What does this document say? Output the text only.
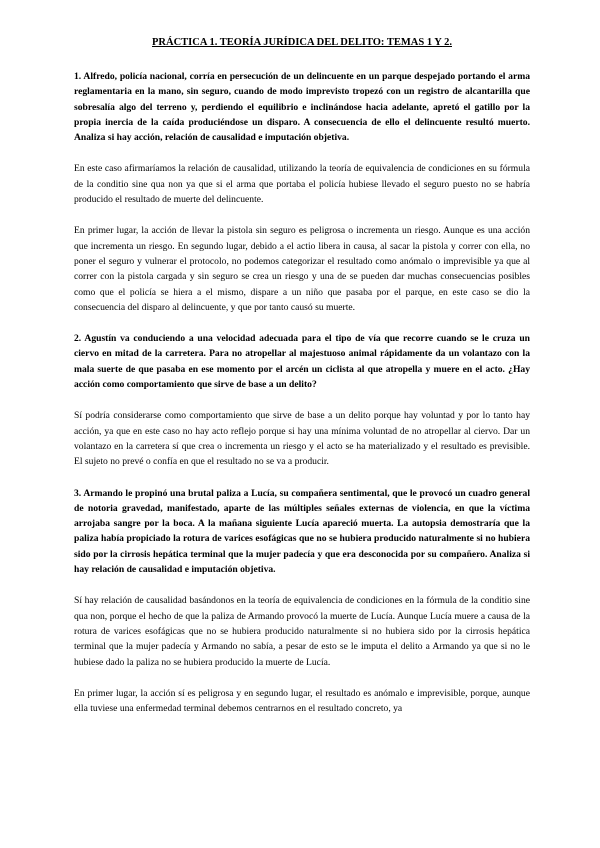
PRÁCTICA 1. TEORÍA JURÍDICA DEL DELITO: TEMAS 1 Y 2.
1. Alfredo, policía nacional, corría en persecución de un delincuente en un parque despejado portando el arma reglamentaria en la mano, sin seguro, cuando de modo imprevisto tropezó con un registro de alcantarilla que sobresalía algo del terreno y, perdiendo el equilibrio e inclinándose hacia adelante, apretó el gatillo por la propia inercia de la caída produciéndose un disparo. A consecuencia de ello el delincuente resultó muerto. Analiza si hay acción, relación de causalidad e imputación objetiva.
En este caso afirmaríamos la relación de causalidad, utilizando la teoría de equivalencia de condiciones en su fórmula de la conditio sine qua non ya que si el arma que portaba el policía hubiese llevado el seguro puesto no se habría producido el resultado de muerte del delincuente.
En primer lugar, la acción de llevar la pistola sin seguro es peligrosa o incrementa un riesgo. Aunque es una acción que incrementa un riesgo. En segundo lugar, debido a el actio libera in causa, al sacar la pistola y correr con ella, no poner el seguro y vulnerar el protocolo, no podemos categorizar el resultado como anómalo o imprevisible ya que al correr con la pistola cargada y sin seguro se crea un riesgo y una de se pueden dar muchas consecuencias posibles como que el policía se hiera a el mismo, dispare a un niño que pasaba por el parque, en este caso se dio la consecuencia del disparo al delincuente, y que por tanto causó su muerte.
2. Agustín va conduciendo a una velocidad adecuada para el tipo de vía que recorre cuando se le cruza un ciervo en mitad de la carretera. Para no atropellar al majestuoso animal rápidamente da un volantazo con la mala suerte de que pasaba en ese momento por el arcén un ciclista al que atropella y muere en el acto. ¿Hay acción como comportamiento que sirve de base a un delito?
Sí podría considerarse como comportamiento que sirve de base a un delito porque hay voluntad y por lo tanto hay acción, ya que en este caso no hay acto reflejo porque si hay una mínima voluntad de no atropellar al ciervo. Dar un volantazo en la carretera sí que crea o incrementa un riesgo y el acto se ha materializado y el resultado es previsible. El sujeto no prevé o confía en que el resultado no se va a producir.
3. Armando le propinó una brutal paliza a Lucía, su compañera sentimental, que le provocó un cuadro general de notoria gravedad, manifestado, aparte de las múltiples señales externas de violencia, en que la víctima arrojaba sangre por la boca. A la mañana siguiente Lucía apareció muerta. La autopsia demostraría que la paliza había propiciado la rotura de varices esofágicas que no se hubiera producido naturalmente si no hubiera sido por la cirrosis hepática terminal que la mujer padecía y que era desconocida por su compañero. Analiza si hay relación de causalidad e imputación objetiva.
Sí hay relación de causalidad basándonos en la teoría de equivalencia de condiciones en la fórmula de la conditio sine qua non, porque el hecho de que la paliza de Armando provocó la muerte de Lucía. Aunque Lucía muere a causa de la rotura de varices esofágicas que no se hubiera producido naturalmente si no hubiera sido por la cirrosis hepática terminal que la mujer padecía y Armando no sabía, a pesar de esto se le imputa el delito a Armando ya que si no le hubiese dado la paliza no se hubiera producido la muerte de Lucía.
En primer lugar, la acción sí es peligrosa y en segundo lugar, el resultado es anómalo e imprevisible, porque, aunque ella tuviese una enfermedad terminal debemos centrarnos en el resultado concreto, ya
